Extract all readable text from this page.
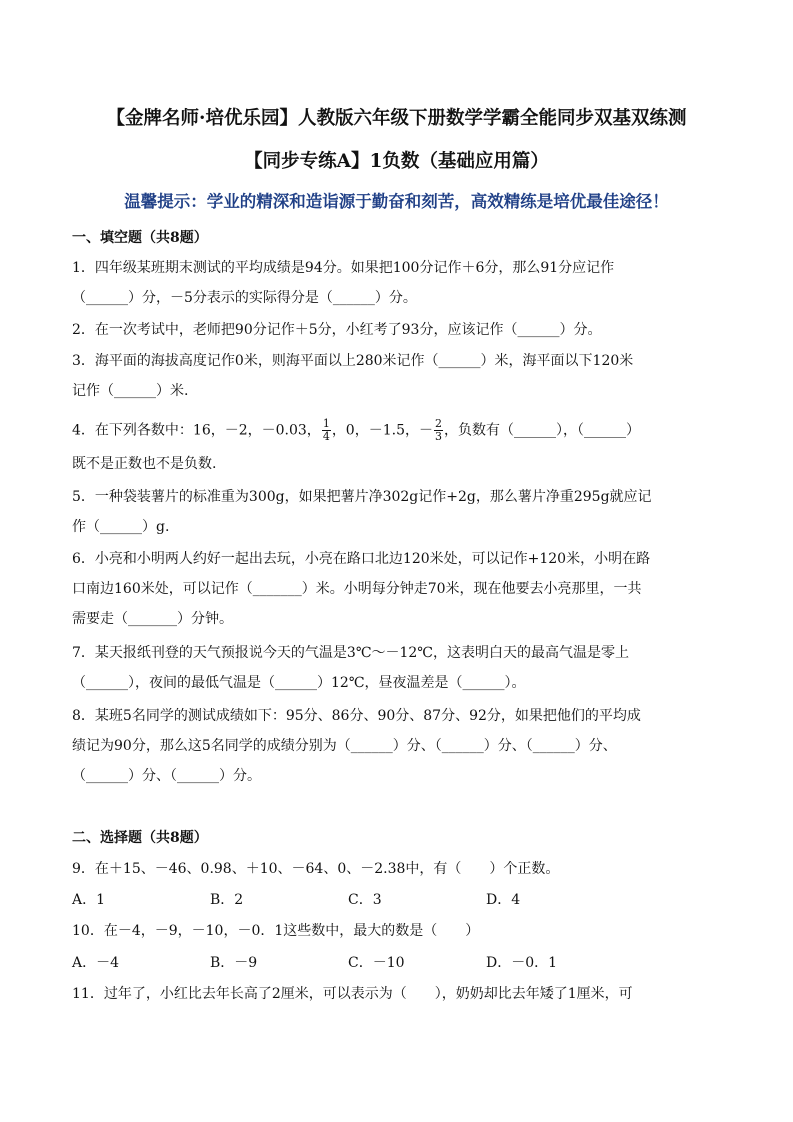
【金牌名师·培优乐园】人教版六年级下册数学学霸全能同步双基双练测
【同步专练A】1负数（基础应用篇）
温馨提示：学业的精深和造诣源于勤奋和刻苦，高效精练是培优最佳途径！
一、填空题（共8题）
1．四年级某班期末测试的平均成绩是94分。如果把100分记作＋6分，那么91分应记作
（______）分，－5分表示的实际得分是（______）分。
2．在一次考试中，老师把90分记作＋5分，小红考了93分，应该记作（______）分。
3．海平面的海拔高度记作0米，则海平面以上280米记作（______）米，海平面以下120米
记作（______）米.
4．在下列各数中：16，－2，－0.03， $\frac{1}{4}$ ，0，－1.5，－ $\frac{2}{3}$ ，负数有（______），（______）
既不是正数也不是负数.
5．一种袋装薯片的标准重为300g，如果把薯片净302g记作+2g，那么薯片净重295g就应记
作（______）g.
6．小亮和小明两人约好一起出去玩，小亮在路口北边120米处，可以记作+120米，小明在路
口南边160米处，可以记作（_______）米。小明每分钟走70米，现在他要去小亮那里，一共
需要走（_______）分钟。
7．某天报纸刊登的天气预报说今天的气温是3℃～－12℃，这表明白天的最高气温是零上
（______），夜间的最低气温是（______）12℃，昼夜温差是（______）。
8．某班5名同学的测试成绩如下：95分、86分、90分、87分、92分，如果把他们的平均成
绩记为90分，那么这5名同学的成绩分别为（______）分、（______）分、（______）分、
（______）分、（______）分。
二、选择题（共8题）
9．在＋15、－46、0.98、＋10、－64、0、－2.38中，有（　　）个正数。
A．1	B．2	C．3	D．4
10．在－4，－9，－10，－0．1这些数中，最大的数是（　　）
A．－4	B．－9	C．－10	D．－0．1
11．过年了，小红比去年长高了2厘米，可以表示为（　　），奶奶却比去年矮了1厘米，可
